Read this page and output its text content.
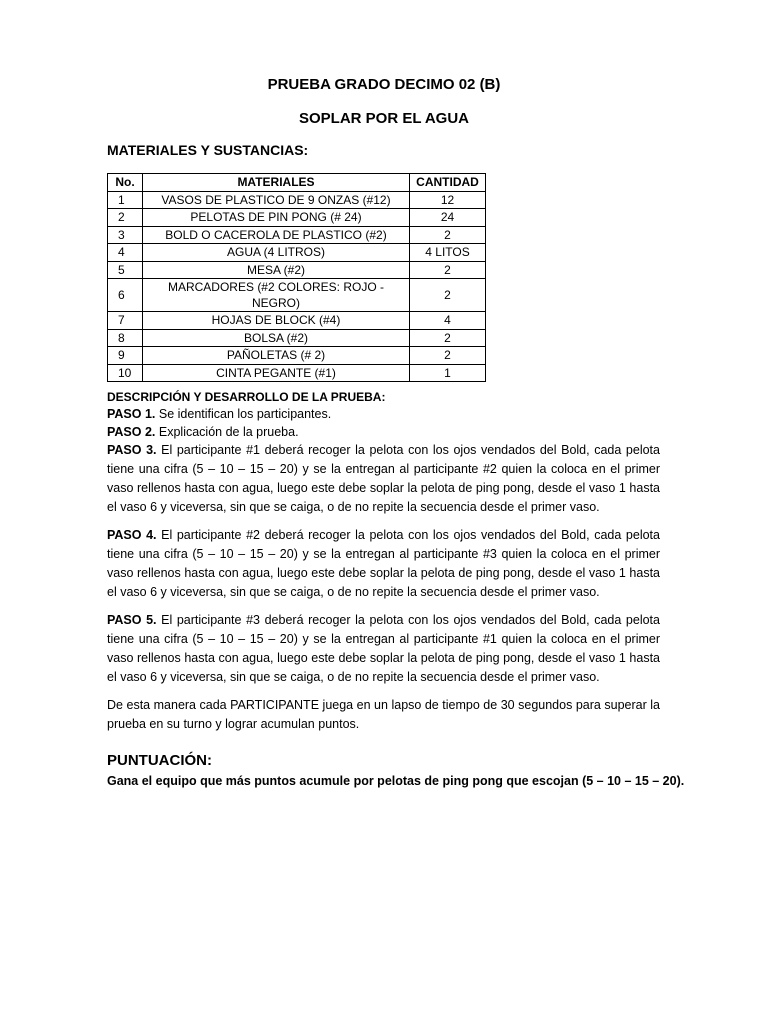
PRUEBA GRADO DECIMO 02 (B)
SOPLAR POR EL AGUA
MATERIALES Y SUSTANCIAS:
No.	MATERIALES	CANTIDAD
1	VASOS DE PLASTICO DE 9 ONZAS (#12)	12
2	PELOTAS DE PIN PONG (# 24)	24
3	BOLD O CACEROLA DE PLASTICO (#2)	2
4	AGUA (4 LITROS)	4 LITOS
5	MESA (#2)	2
6	MARCADORES (#2 COLORES: ROJO - NEGRO)	2
7	HOJAS DE BLOCK (#4)	4
8	BOLSA (#2)	2
9	PAÑOLETAS (# 2)	2
10	CINTA PEGANTE (#1)	1
DESCRIPCIÓN Y DESARROLLO DE LA PRUEBA:
PASO 1. Se identifican los participantes.
PASO 2. Explicación de la prueba.
PASO 3. El participante #1 deberá recoger la pelota con los ojos vendados del Bold, cada pelota tiene una cifra (5 – 10 – 15 – 20) y se la entregan al participante #2 quien la coloca en el primer vaso rellenos hasta con agua, luego este debe soplar la pelota de ping pong, desde el vaso 1 hasta el vaso 6 y viceversa, sin que se caiga, o de no repite la secuencia desde el primer vaso.
PASO 4. El participante #2 deberá recoger la pelota con los ojos vendados del Bold, cada pelota tiene una cifra (5 – 10 – 15 – 20) y se la entregan al participante #3 quien la coloca en el primer vaso rellenos hasta con agua, luego este debe soplar la pelota de ping pong, desde el vaso 1 hasta el vaso 6 y viceversa, sin que se caiga, o de no repite la secuencia desde el primer vaso.
PASO 5. El participante #3 deberá recoger la pelota con los ojos vendados del Bold, cada pelota tiene una cifra (5 – 10 – 15 – 20) y se la entregan al participante #1 quien la coloca en el primer vaso rellenos hasta con agua, luego este debe soplar la pelota de ping pong, desde el vaso 1 hasta el vaso 6 y viceversa, sin que se caiga, o de no repite la secuencia desde el primer vaso.
De esta manera cada PARTICIPANTE juega en un lapso de tiempo de 30 segundos para superar la prueba en su turno y lograr acumulan puntos.
PUNTUACIÓN:
Gana el equipo que más puntos acumule por pelotas de ping pong que escojan (5 – 10 – 15 – 20).
